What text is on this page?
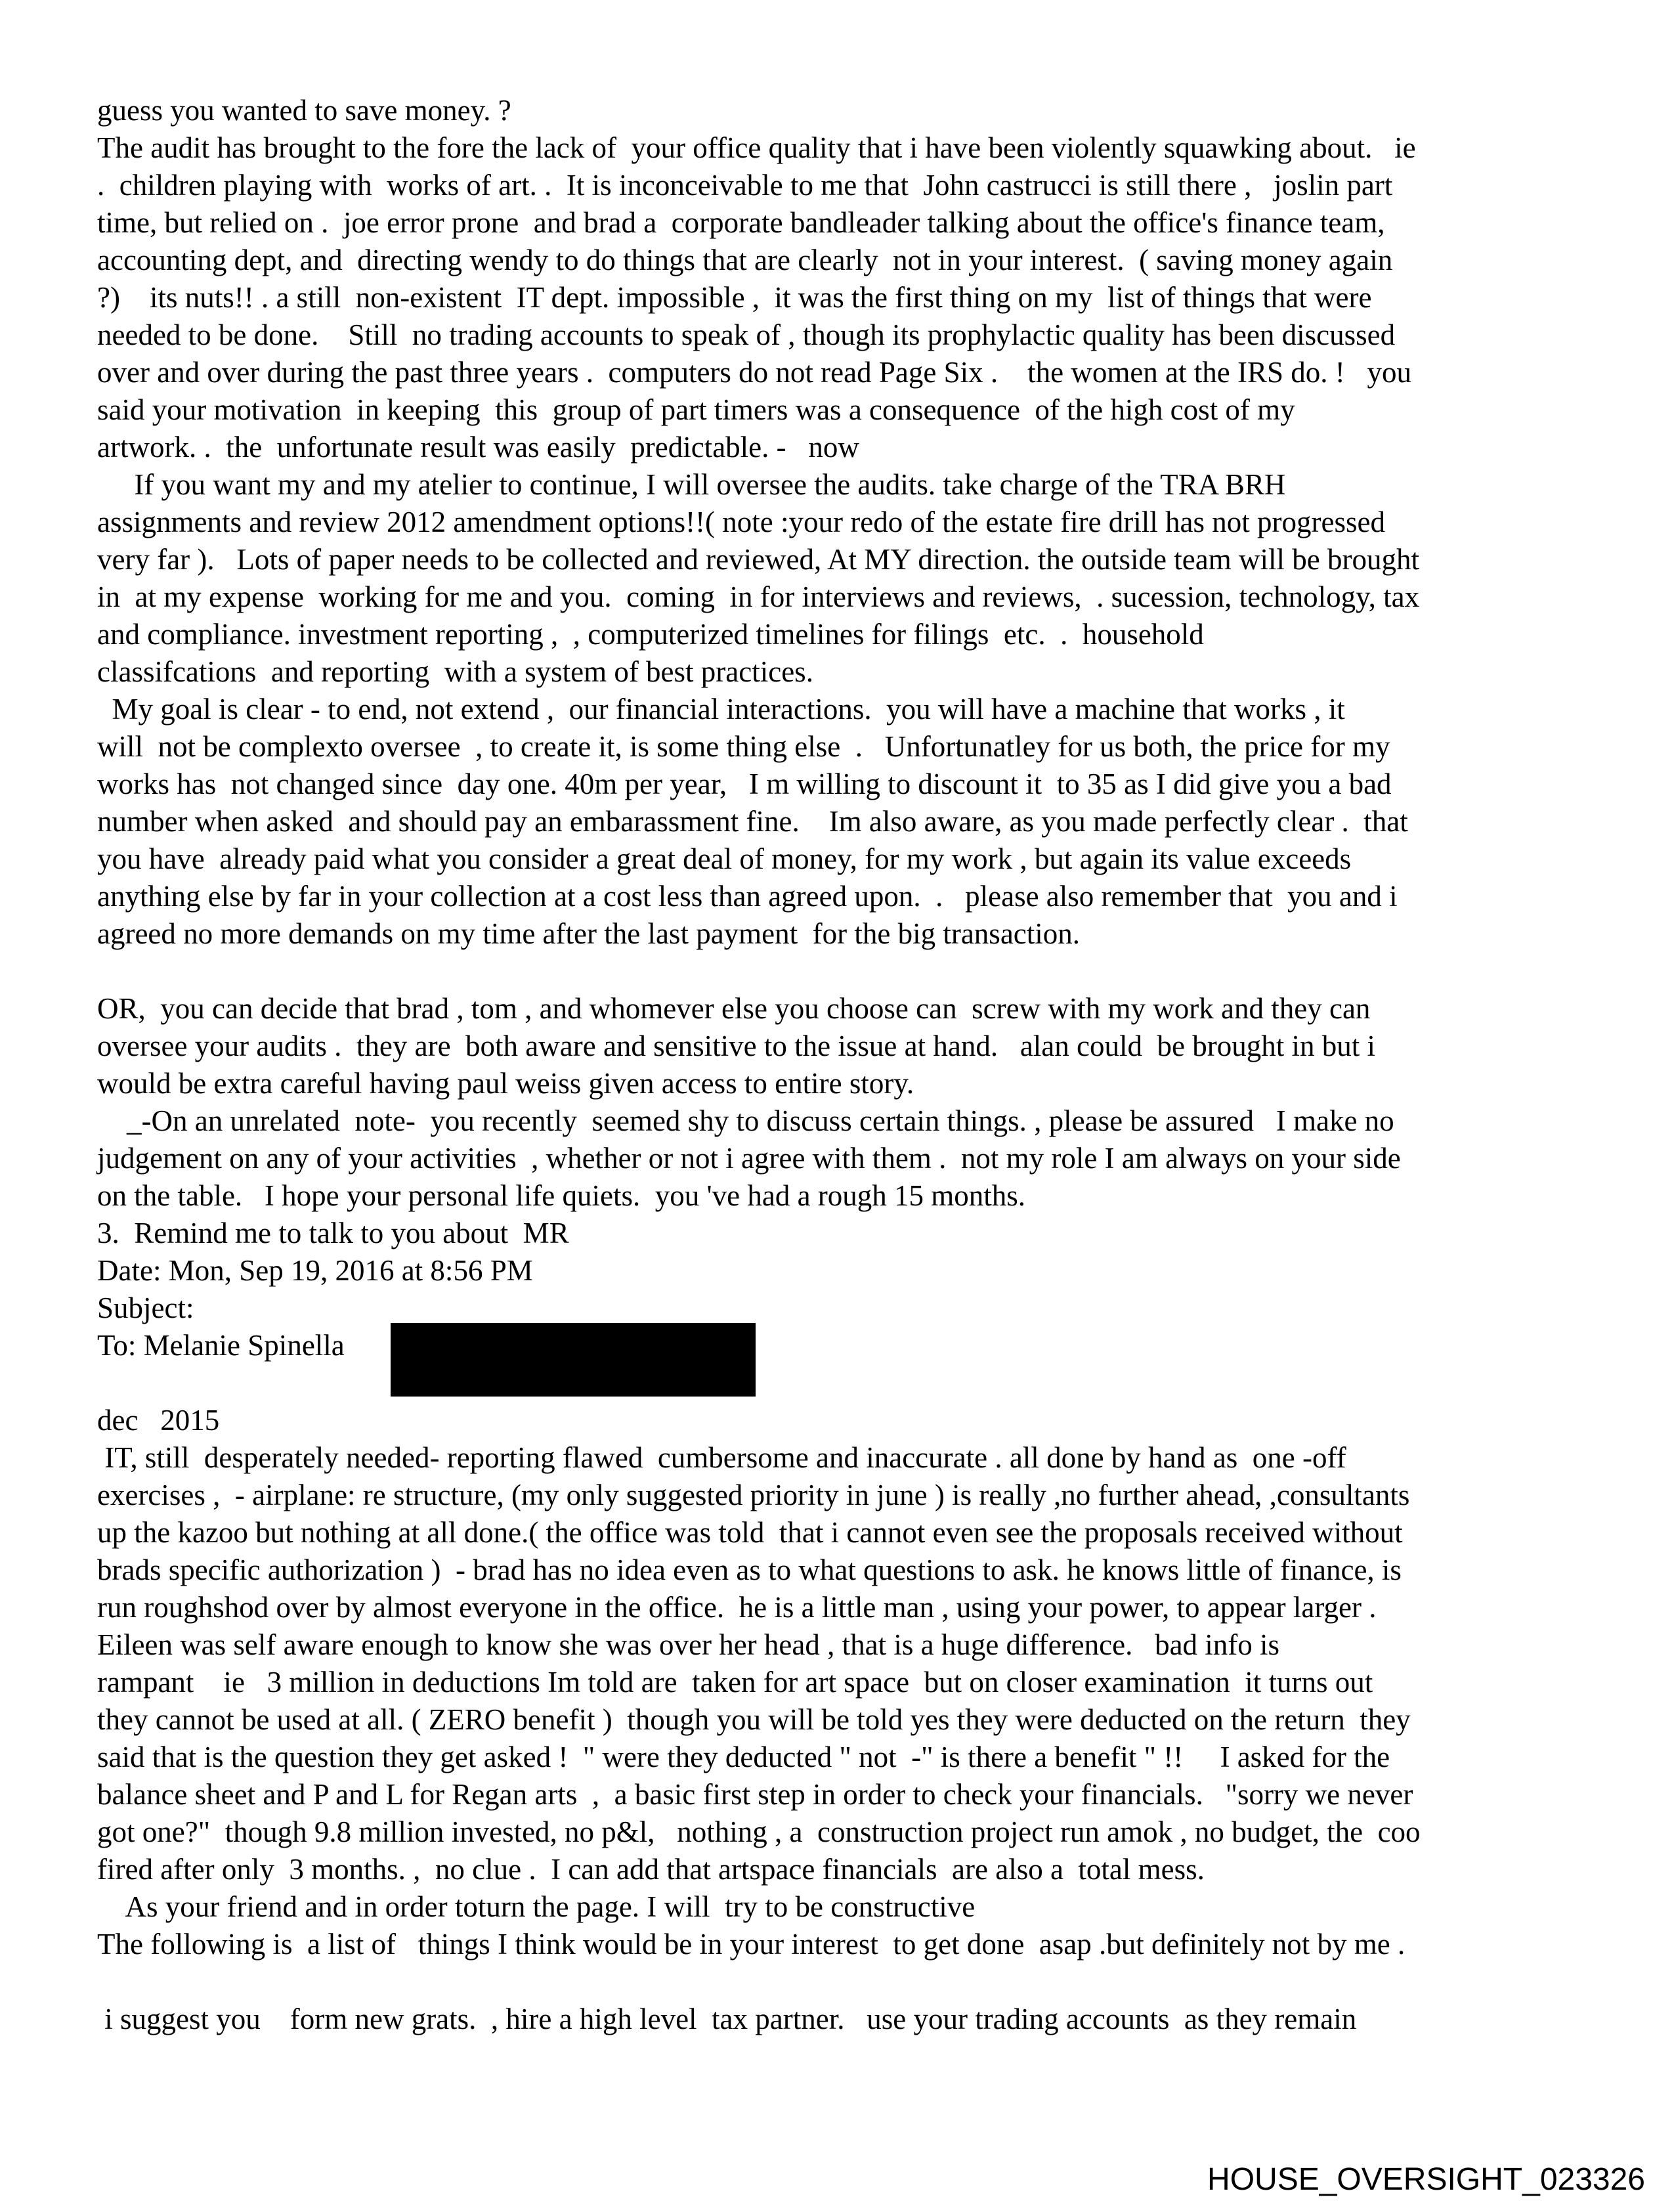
guess you wanted to save money. ?
The audit has brought to the fore the lack of  your office quality that i have been violently squawking about.   ie
.  children playing with  works of art. .  It is inconceivable to me that  John castrucci is still there ,   joslin part
time, but relied on .  joe error prone  and brad a  corporate bandleader talking about the office's finance team,
accounting dept, and  directing wendy to do things that are clearly  not in your interest.  ( saving money again
?)    its nuts!! . a still  non-existent  IT dept. impossible ,  it was the first thing on my  list of things that were
needed to be done.    Still  no trading accounts to speak of , though its prophylactic quality has been discussed
over and over during the past three years .  computers do not read Page Six .    the women at the IRS do. !   you
said your motivation  in keeping  this  group of part timers was a consequence  of the high cost of my
artwork. .  the  unfortunate result was easily  predictable. -   now
If you want my and my atelier to continue, I will oversee the audits. take charge of the TRA BRH
assignments and review 2012 amendment options!!( note :your redo of the estate fire drill has not progressed
very far ).   Lots of paper needs to be collected and reviewed, At MY direction. the outside team will be brought
in  at my expense  working for me and you.  coming  in for interviews and reviews,  . sucession, technology, tax
and compliance. investment reporting ,  , computerized timelines for filings  etc.  .  household
classifcations  and reporting  with a system of best practices.
My goal is clear - to end, not extend ,  our financial interactions.  you will have a machine that works , it
will  not be complexto oversee  , to create it, is some thing else  .   Unfortunatley for us both, the price for my
works has  not changed since  day one. 40m per year,   I m willing to discount it  to 35 as I did give you a bad
number when asked  and should pay an embarassment fine.    Im also aware, as you made perfectly clear .  that
you have  already paid what you consider a great deal of money, for my work , but again its value exceeds
anything else by far in your collection at a cost less than agreed upon.  .   please also remember that  you and i
agreed no more demands on my time after the last payment  for the big transaction.

OR,  you can decide that brad , tom , and whomever else you choose can  screw with my work and they can
oversee your audits .  they are  both aware and sensitive to the issue at hand.   alan could  be brought in but i
would be extra careful having paul weiss given access to entire story.
_-On an unrelated  note-  you recently  seemed shy to discuss certain things. , please be assured   I make no
judgement on any of your activities  , whether or not i agree with them .  not my role I am always on your side
on the table.   I hope your personal life quiets.  you 've had a rough 15 months.
3.  Remind me to talk to you about  MR
Date: Mon, Sep 19, 2016 at 8:56 PM
Subject:
To: Melanie Spinella

dec   2015
IT, still  desperately needed- reporting flawed  cumbersome and inaccurate . all done by hand as  one -off
exercises ,  - airplane: re structure, (my only suggested priority in june ) is really ,no further ahead, ,consultants
up the kazoo but nothing at all done.( the office was told  that i cannot even see the proposals received without
brads specific authorization )  - brad has no idea even as to what questions to ask. he knows little of finance, is
run roughshod over by almost everyone in the office.  he is a little man , using your power, to appear larger .
Eileen was self aware enough to know she was over her head , that is a huge difference.   bad info is
rampant    ie   3 million in deductions Im told are  taken for art space  but on closer examination  it turns out
they cannot be used at all. ( ZERO benefit )  though you will be told yes they were deducted on the return  they
said that is the question they get asked !  " were they deducted " not  -" is there a benefit " !!     I asked for the
balance sheet and P and L for Regan arts  ,  a basic first step in order to check your financials.   "sorry we never
got one?"  though 9.8 million invested, no p&l,   nothing , a  construction project run amok , no budget, the  coo
fired after only  3 months. ,  no clue .  I can add that artspace financials  are also a  total mess.
As your friend and in order toturn the page. I will  try to be constructive
The following is  a list of   things I think would be in your interest  to get done  asap .but definitely not by me .

i suggest you    form new grats.  , hire a high level  tax partner.   use your trading accounts  as they remain
HOUSE_OVERSIGHT_023326
